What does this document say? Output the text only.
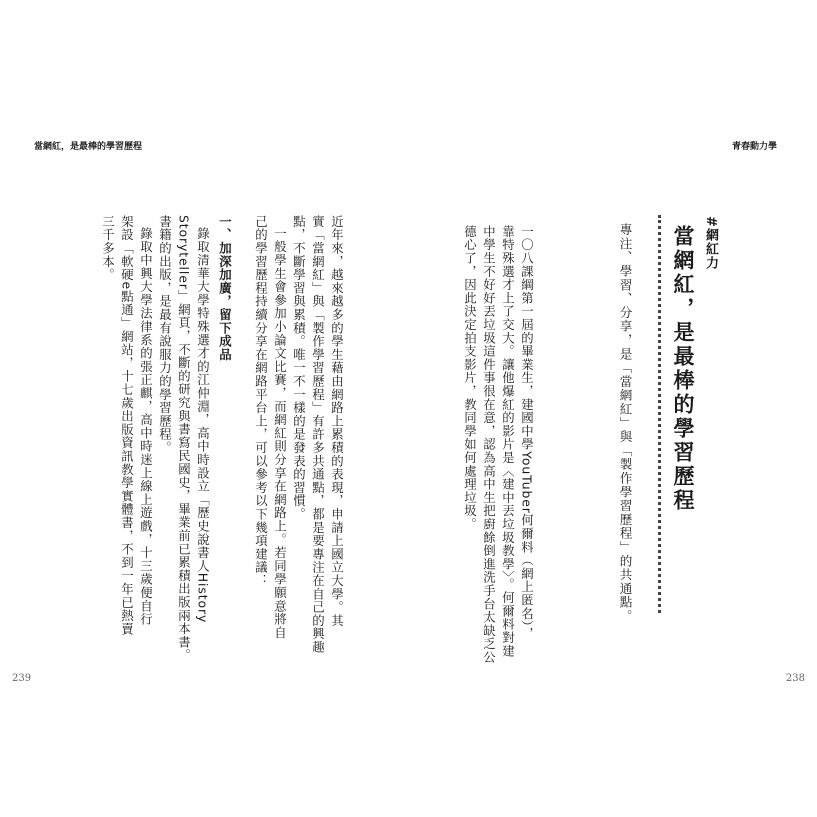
青春動力學
當網紅，是最棒的學習歷程
#網紅力
當網紅，是最棒的學習歷程
專注、學習、分享，是「當網紅」與「製作學習歷程」的共通點。
一〇八課綱第一屆的畢業生，建國中學YouTuber何爾料（網上匿名），
靠特殊選才上了交大。讓他爆紅的影片是〈建中丟垃圾教學〉。何爾料對建
中學生不好好丟垃圾這件事很在意，認為高中生把廚餘倒進洗手台太缺乏公
德心了，因此決定拍支影片，教同學如何處理垃圾。
近年來，越來越多的學生藉由網路上累積的表現，申請上國立大學。其
實「當網紅」與「製作學習歷程」有許多共通點，都是要專注在自己的興趣
點，不斷學習與累積。唯一不一樣的是發表的習慣。
一般學生會參加小論文比賽，而網紅則分享在網路上。若同學願意將自
己的學習歷程持續分享在網路平台上，可以參考以下幾項建議：
一、加深加廣，留下成品
錄取清華大學特殊選才的江仲淵，高中時設立「歷史說書人History
Storyteller」網頁，不斷的研究與書寫民國史，畢業前已累積出版兩本書。
書籍的出版，是最有說服力的學習歷程。
錄取中興大學法律系的張正麒，高中時迷上線上遊戲，十三歲便自行
架設「軟硬e點通」網站，十七歲出版資訊教學實體書，不到一年已熱賣
三千多本。
239	238
